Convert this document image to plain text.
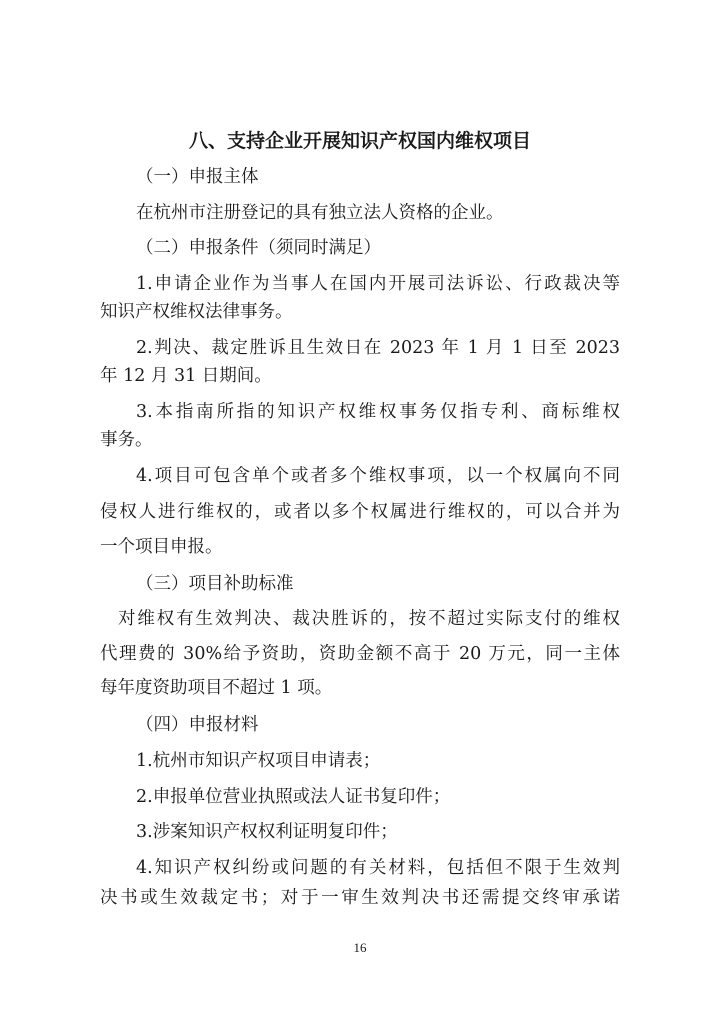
八、支持企业开展知识产权国内维权项目
（一）申报主体
在杭州市注册登记的具有独立法人资格的企业。
（二）申报条件（须同时满足）
1.申请企业作为当事人在国内开展司法诉讼、行政裁决等
知识产权维权法律事务。
2.判决、裁定胜诉且生效日在 2023 年 1 月 1 日至 2023
年 12 月 31 日期间。
3.本指南所指的知识产权维权事务仅指专利、商标维权
事务。
4.项目可包含单个或者多个维权事项，以一个权属向不同
侵权人进行维权的，或者以多个权属进行维权的，可以合并为
一个项目申报。
（三）项目补助标准
对维权有生效判决、裁决胜诉的，按不超过实际支付的维权
代理费的 30%给予资助，资助金额不高于 20 万元，同一主体
每年度资助项目不超过 1 项。
（四）申报材料
1.杭州市知识产权项目申请表；
2.申报单位营业执照或法人证书复印件；
3.涉案知识产权权利证明复印件；
4.知识产权纠纷或问题的有关材料，包括但不限于生效判
决书或生效裁定书；对于一审生效判决书还需提交终审承诺
16
